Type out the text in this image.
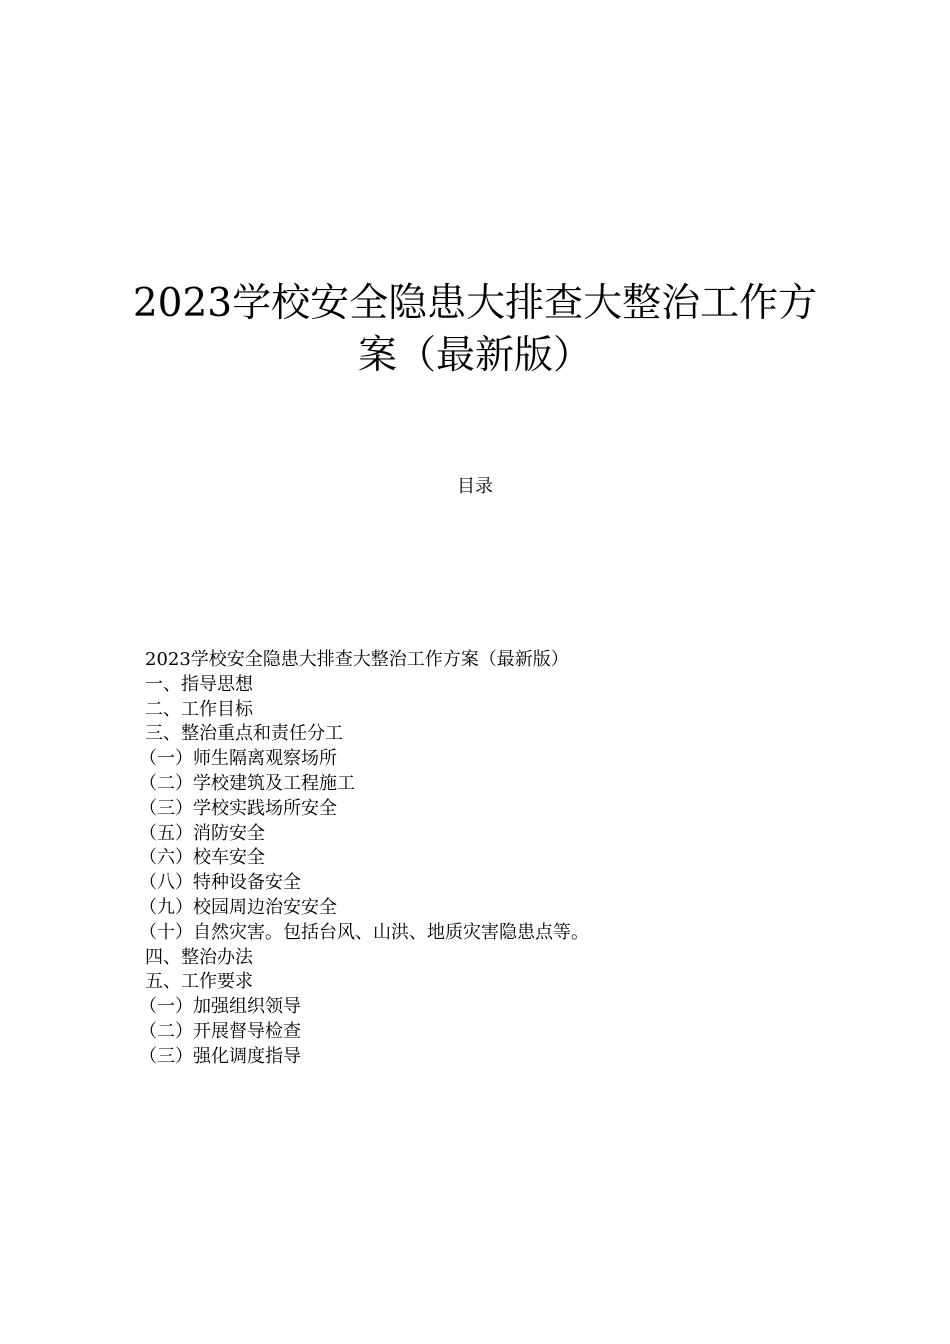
2023学校安全隐患大排查大整治工作方
案（最新版）

目录

2023学校安全隐患大排查大整治工作方案（最新版）
一、指导思想
二、工作目标
三、整治重点和责任分工
（一）师生隔离观察场所
（二）学校建筑及工程施工
（三）学校实践场所安全
（五）消防安全
（六）校车安全
（八）特种设备安全
（九）校园周边治安安全
（十）自然灾害。包括台风、山洪、地质灾害隐患点等。
四、整治办法
五、工作要求
（一）加强组织领导
（二）开展督导检查
（三）强化调度指导
